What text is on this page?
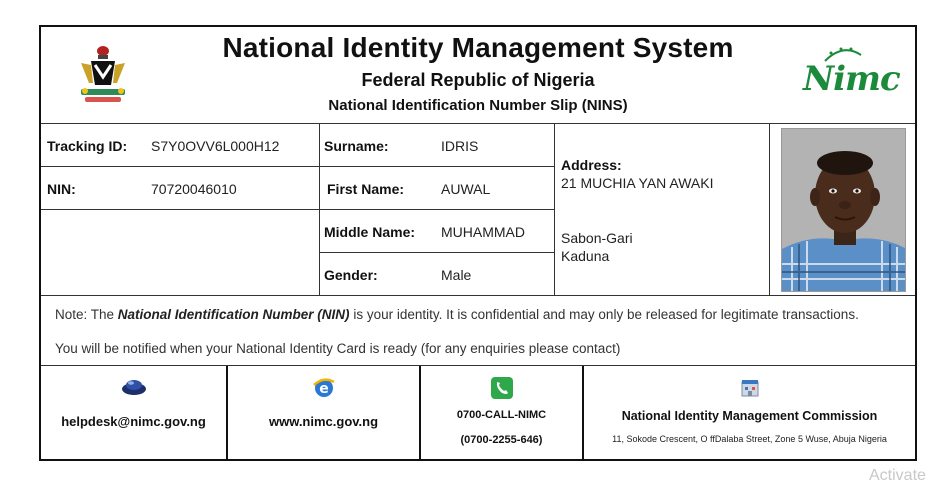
National Identity Management System
Federal Republic of Nigeria
National Identification Number Slip (NINS)
Nimc
Tracking ID: S7Y0OVV6L000H12
NIN:	70720046010
Surname:	IDRIS
First Name:	AUWAL
Middle Name: MUHAMMAD
Gender:	Male
Address:
21 MUCHIA YAN AWAKI
Sabon-Gari
Kaduna
Note: The National Identification Number (NIN) is your identity. It is confidential and may only be released for legitimate transactions.
You will be notified when your National Identity Card is ready (for any enquiries please contact)
helpdesk@nimc.gov.ng
e
www.nimc.gov.ng	0700-CALL-NIMC
(0700-2255-646)
National Identity Management Commission
11, Sokode Crescent, O ffDalaba Street, Zone 5 Wuse, Abuja Nigeria
Activate
